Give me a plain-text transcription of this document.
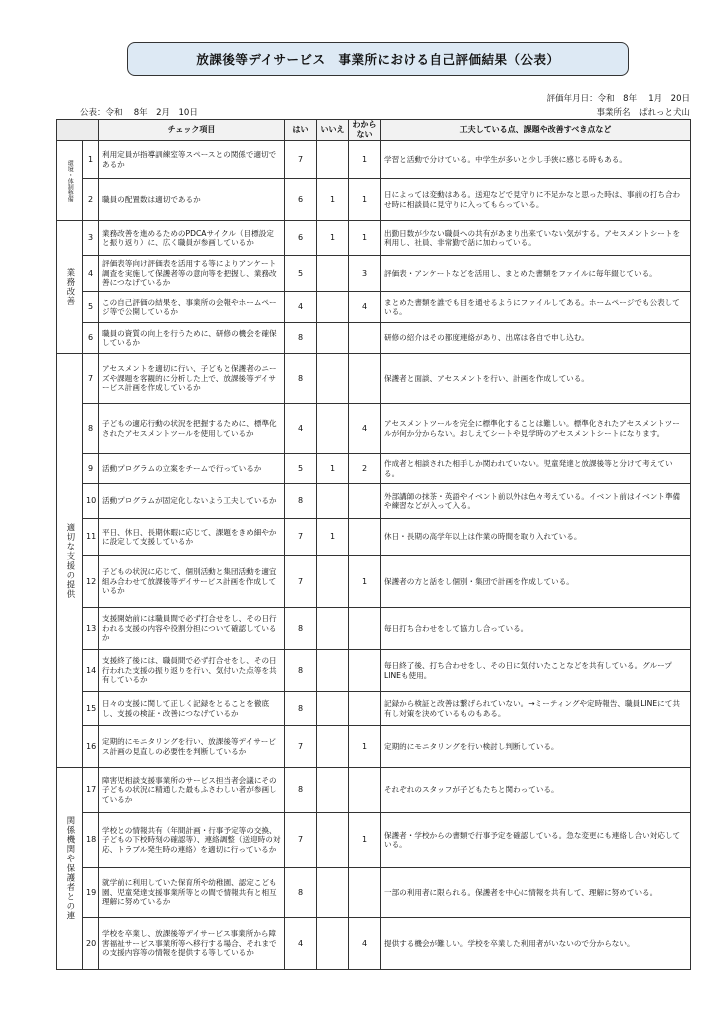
放課後等デイサービス　事業所における自己評価結果（公表）
評価年月日：令和　8年　 1月　20日
事業所名　ぱれっと犬山
公表：令和　 8年　2月　10日
		チェック項目	はい	いいえ	わからない	工夫している点、課題や改善すべき点など

環境・体制整備	1	利用定員が指導訓練室等スペースとの関係で適切であるか	7		1	学習と活動で分けている。中学生が多いと少し手狭に感じる時もある。
	2	職員の配置数は適切であるか	6	1	1	日によっては変動はある。送迎などで見守りに不足かなと思った時は、事前の打ち合わせ時に相談員に見守りに入ってもらっている。

業務改善	3	業務改善を進めるためのPDCAサイクル（目標設定と振り返り）に、広く職員が参画しているか	6	1	1	出勤日数が少ない職員への共有があまり出来ていない気がする。アセスメントシートを利用し、社員、非常勤で話に加わっている。
	4	評価表等向け評価表を活用する等によりアンケート調査を実施して保護者等の意向等を把握し、業務改善につなげているか	5		3	評価表・アンケートなどを活用し、まとめた書類をファイルに毎年綴じている。
	5	この自己評価の結果を、事業所の会報やホームページ等で公開しているか	4		4	まとめた書類を誰でも目を通せるようにファイルしてある。ホームページでも公表している。
	6	職員の資質の向上を行うために、研修の機会を確保しているか	8			研修の紹介はその都度連絡があり、出席は各自で申し込む。

適切な支援の提供	7	アセスメントを適切に行い、子どもと保護者のニーズや課題を客観的に分析した上で、放課後等デイサービス計画を作成しているか	8			保護者と面談、アセスメントを行い、計画を作成している。
	8	子どもの適応行動の状況を把握するために、標準化されたアセスメントツールを使用しているか	4		4	アセスメントツールを完全に標準化することは難しい。標準化されたアセスメントツールが何か分からない。おしえてシートや見学時のアセスメントシートになります。
	9	活動プログラムの立案をチームで行っているか	5	1	2	作成者と相談された相手しか関われていない。児童発達と放課後等と分けて考えている。
	10	活動プログラムが固定化しないよう工夫しているか	8			外部講師の抹茶・英語やイベント前以外は色々考えている。イベント前はイベント準備や練習などが入って入る。
	11	平日、休日、長期休暇に応じて、課題をきめ細やかに設定して支援しているか	7	1		休日・長期の高学年以上は作業の時間を取り入れている。
	12	子どもの状況に応じて、個別活動と集団活動を適宜組み合わせて放課後等デイサービス計画を作成しているか	7		1	保護者の方と話をし個別・集団で計画を作成している。
	13	支援開始前には職員間で必ず打合せをし、その日行われる支援の内容や役割分担について確認しているか	8			毎日打ち合わせをして協力し合っている。
	14	支援終了後には、職員間で必ず打合せをし、その日行われた支援の振り返りを行い、気付いた点等を共有しているか	8			毎日終了後、打ち合わせをし、その日に気付いたことなどを共有している。グループLINEも使用。
	15	日々の支援に関して正しく記録をとることを徹底し、支援の検証・改善につなげているか	8			記録から検証と改善は繋げられていない。→ミーティングや定時報告、職員LINEにて共有し対策を決めているものもある。
	16	定期的にモニタリングを行い、放課後等デイサービス計画の見直しの必要性を判断しているか	7		1	定期的にモニタリングを行い検討し判断している。

関係機関や保護者との連	17	障害児相談支援事業所のサービス担当者会議にその子どもの状況に精通した最もふさわしい者が参画しているか	8			それぞれのスタッフが子どもたちと関わっている。
	18	学校との情報共有（年間計画・行事予定等の交換、子どもの下校時刻の確認等）、連絡調整（送迎時の対応、トラブル発生時の連絡）を適切に行っているか	7		1	保護者・学校からの書類で行事予定を確認している。急な変更にも連絡し合い対応している。
	19	就学前に利用していた保育所や幼稚園、認定こども園、児童発達支援事業所等との間で情報共有と相互理解に努めているか	8			一部の利用者に限られる。保護者を中心に情報を共有して、理解に努めている。
	20	学校を卒業し、放課後等デイサービス事業所から障害福祉サービス事業所等へ移行する場合、それまでの支援内容等の情報を提供する等しているか	4		4	提供する機会が難しい。学校を卒業した利用者がいないので分からない。
